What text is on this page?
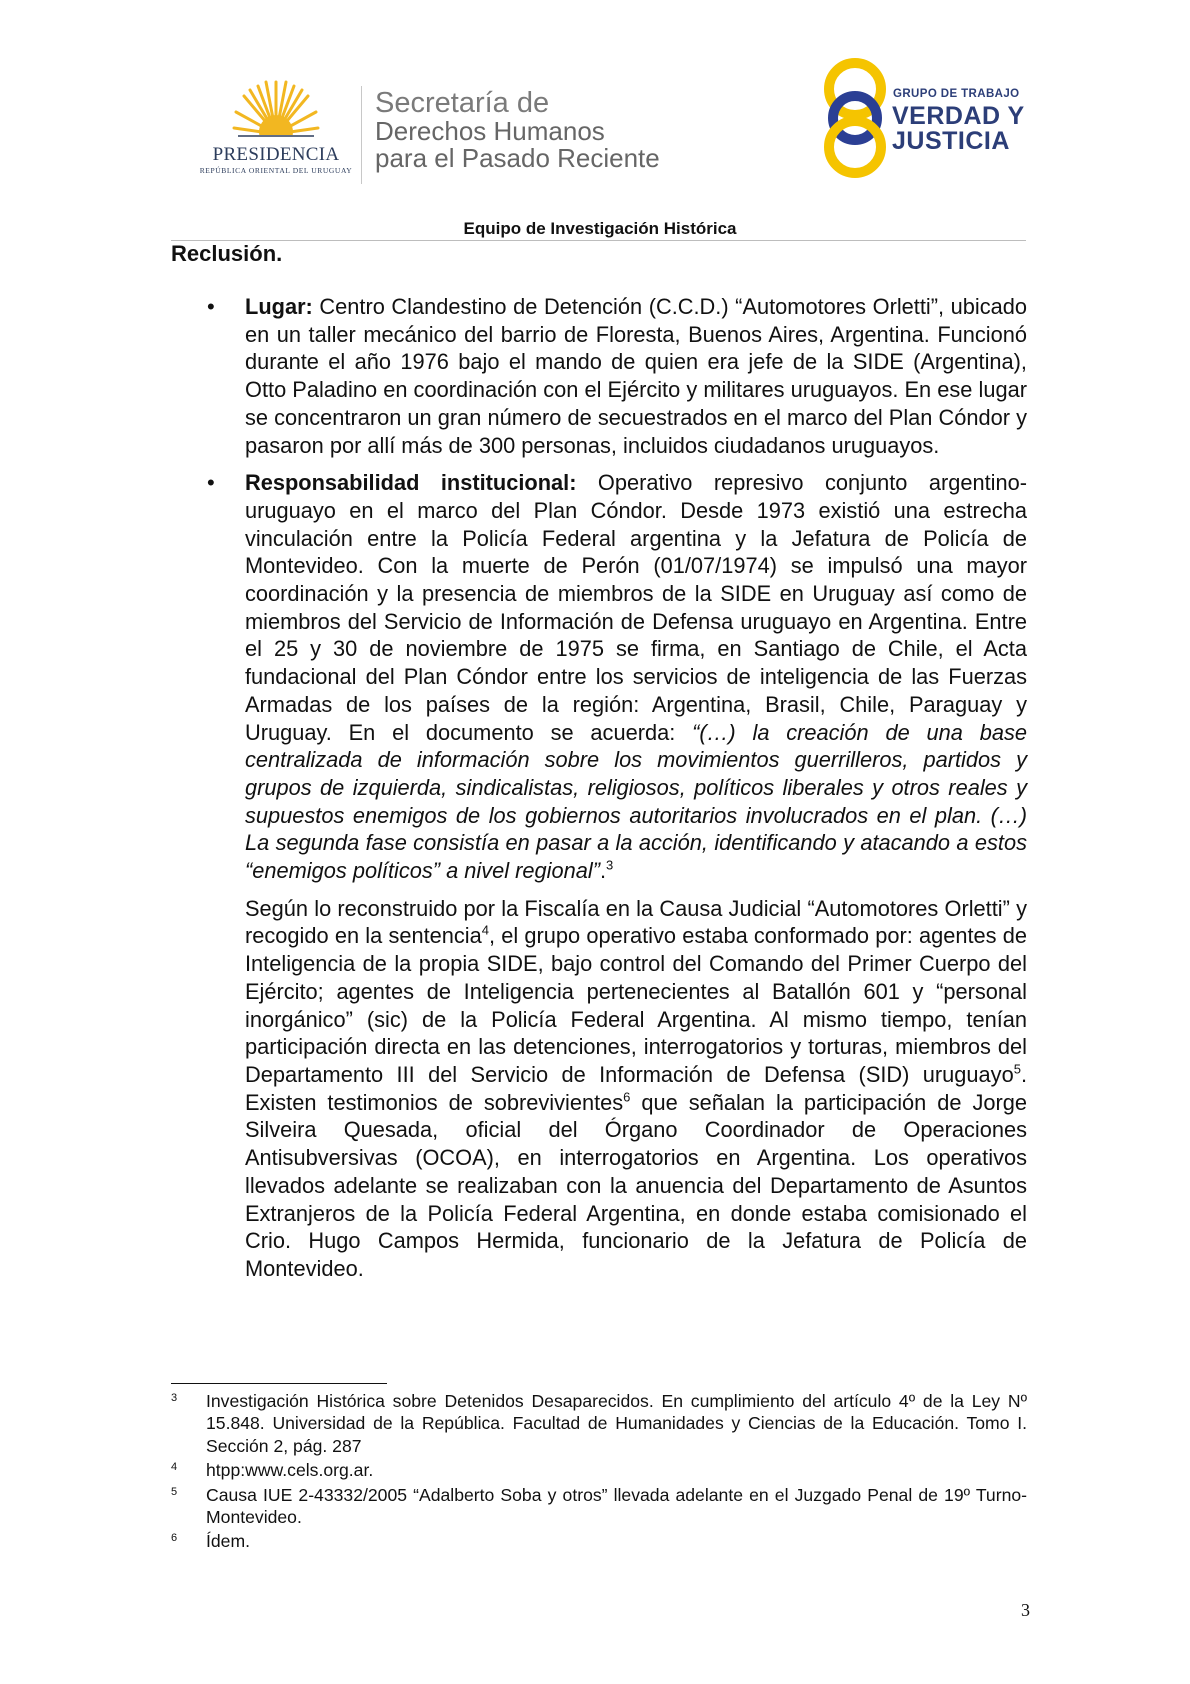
PRESIDENCIA
REPÚBLICA ORIENTAL DEL URUGUAY
Secretaría de
Derechos Humanos
para el Pasado Reciente
GRUPO DE TRABAJO
VERDAD Y
JUSTICIA
Equipo de Investigación Histórica
Reclusión.
• Lugar: Centro Clandestino de Detención (C.C.D.) “Automotores Orletti”, ubicado en un taller mecánico del barrio de Floresta, Buenos Aires, Argentina. Funcionó durante el año 1976 bajo el mando de quien era jefe de la SIDE (Argentina), Otto Paladino en coordinación con el Ejército y militares uruguayos. En ese lugar se concentraron un gran número de secuestrados en el marco del Plan Cóndor y pasaron por allí más de 300 personas, incluidos ciudadanos uruguayos.

• Responsabilidad institucional: Operativo represivo conjunto argentino-uruguayo en el marco del Plan Cóndor. Desde 1973 existió una estrecha vinculación entre la Policía Federal argentina y la Jefatura de Policía de Montevideo. Con la muerte de Perón (01/07/1974) se impulsó una mayor coordinación y la presencia de miembros de la SIDE en Uruguay así como de miembros del Servicio de Información de Defensa uruguayo en Argentina. Entre el 25 y 30 de noviembre de 1975 se firma, en Santiago de Chile, el Acta fundacional del Plan Cóndor entre los servicios de inteligencia de las Fuerzas Armadas de los países de la región: Argentina, Brasil, Chile, Paraguay y Uruguay. En el documento se acuerda: “(…) la creación de una base centralizada de información sobre los movimientos guerrilleros, partidos y grupos de izquierda, sindicalistas, religiosos, políticos liberales y otros reales y supuestos enemigos de los gobiernos autoritarios involucrados en el plan. (…) La segunda fase consistía en pasar a la acción, identificando y atacando a estos “enemigos políticos” a nivel regional”.$^3$

Según lo reconstruido por la Fiscalía en la Causa Judicial “Automotores Orletti” y recogido en la sentencia$^4$, el grupo operativo estaba conformado por: agentes de Inteligencia de la propia SIDE, bajo control del Comando del Primer Cuerpo del Ejército; agentes de Inteligencia pertenecientes al Batallón 601 y “personal inorgánico” (sic) de la Policía Federal Argentina. Al mismo tiempo, tenían participación directa en las detenciones, interrogatorios y torturas, miembros del Departamento III del Servicio de Información de Defensa (SID) uruguayo$^5$. Existen testimonios de sobrevivientes$^6$ que señalan la participación de Jorge Silveira Quesada, oficial del Órgano Coordinador de Operaciones Antisubversivas (OCOA), en interrogatorios en Argentina. Los operativos llevados adelante se realizaban con la anuencia del Departamento de Asuntos Extranjeros de la Policía Federal Argentina, en donde estaba comisionado el Crio. Hugo Campos Hermida, funcionario de la Jefatura de Policía de Montevideo.

3 Investigación Histórica sobre Detenidos Desaparecidos. En cumplimiento del artículo 4º de la Ley Nº 15.848. Universidad de la República. Facultad de Humanidades y Ciencias de la Educación. Tomo I. Sección 2, pág. 287

4 htpp:www.cels.org.ar.

5 Causa IUE 2-43332/2005 “Adalberto Soba y otros” llevada adelante en el Juzgado Penal de 19º Turno-Montevideo.

6 Ídem.

3
